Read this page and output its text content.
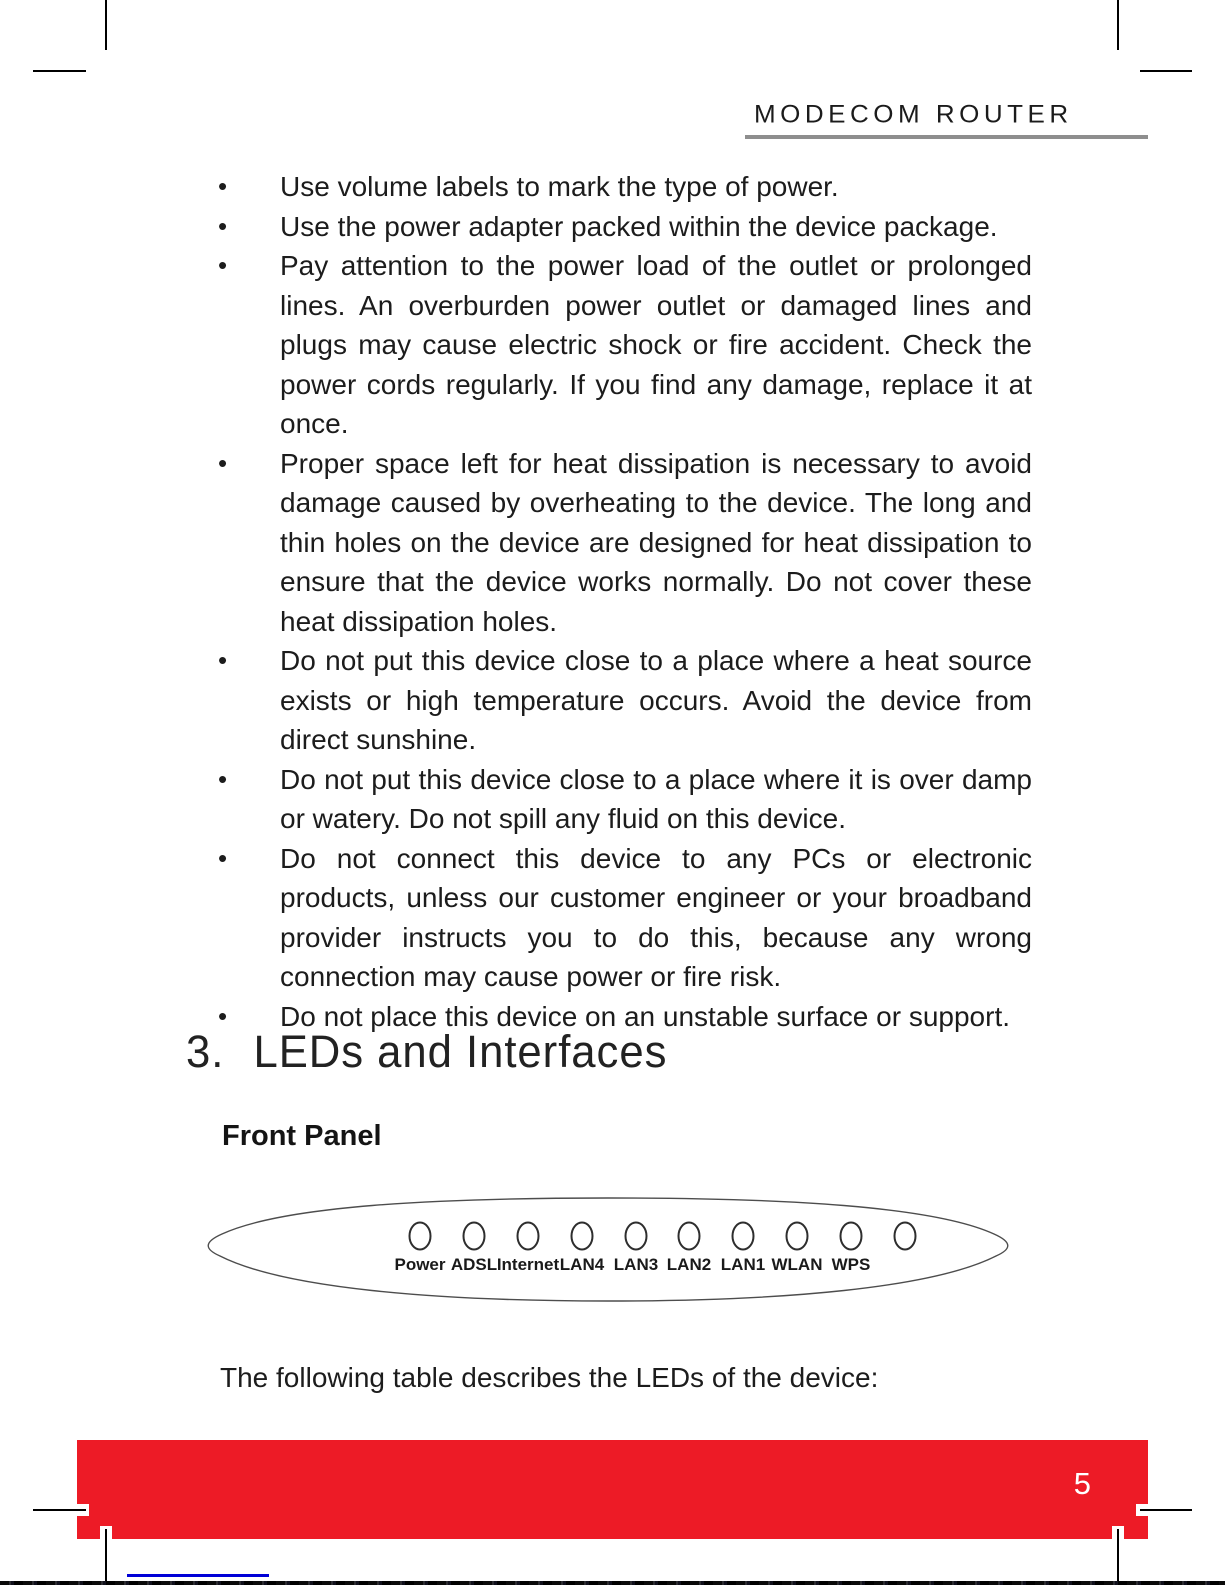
MODECOM ROUTER
•	Use volume labels to mark the type of power.
•	Use the power adapter packed within the device package.
•	Pay attention to the power load of the outlet or prolonged lines. An overburden power outlet or damaged lines and plugs may cause electric shock or fire accident. Check the power cords regularly. If you find any damage, replace it at once.
•	Proper space left for heat dissipation is necessary to avoid damage caused by overheating to the device. The long and thin holes on the device are designed for heat dissipation to ensure that the device works normally. Do not cover these heat dissipation holes.
•	Do not put this device close to a place where a heat source exists or high temperature occurs. Avoid the device from direct sunshine.
•	Do not put this device close to a place where it is over damp or watery. Do not spill any fluid on this device.
•	Do not connect this device to any PCs or electronic products, unless our customer engineer or your broadband provider instructs you to do this, because any wrong connection may cause power or fire risk.
•	Do not place this device on an unstable surface or support.
3. LEDs and Interfaces
Front Panel
Power ADSL Internet LAN4 LAN3 LAN2 LAN1 WLAN WPS
The following table describes the LEDs of the device:
5
